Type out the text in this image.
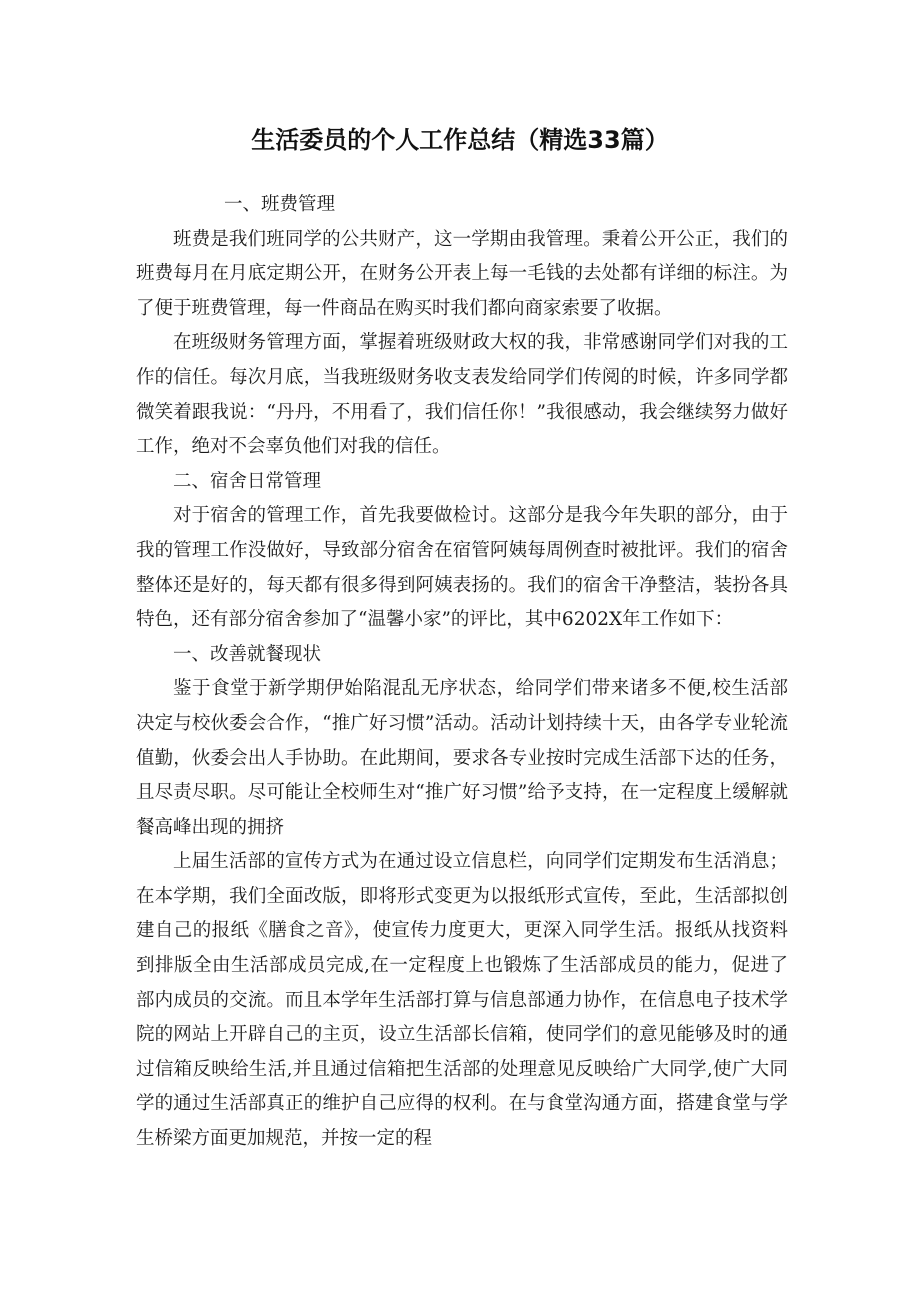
生活委员的个人工作总结（精选33篇）

一、班费管理

班费是我们班同学的公共财产，这一学期由我管理。秉着公开公正，我们的班费每月在月底定期公开，在财务公开表上每一毛钱的去处都有详细的标注。为了便于班费管理，每一件商品在购买时我们都向商家索要了收据。

在班级财务管理方面，掌握着班级财政大权的我，非常感谢同学们对我的工作的信任。每次月底，当我班级财务收支表发给同学们传阅的时候，许多同学都微笑着跟我说：“丹丹，不用看了，我们信任你！”我很感动，我会继续努力做好工作，绝对不会辜负他们对我的信任。

二、宿舍日常管理

对于宿舍的管理工作，首先我要做检讨。这部分是我今年失职的部分，由于我的管理工作没做好，导致部分宿舍在宿管阿姨每周例查时被批评。我们的宿舍整体还是好的，每天都有很多得到阿姨表扬的。我们的宿舍干净整洁，装扮各具特色，还有部分宿舍参加了“温馨小家”的评比，其中6202X年工作如下：

一、改善就餐现状

鉴于食堂于新学期伊始陷混乱无序状态，给同学们带来诸多不便,校生活部决定与校伙委会合作，“推广好习惯”活动。活动计划持续十天，由各学专业轮流值勤，伙委会出人手协助。在此期间，要求各专业按时完成生活部下达的任务，且尽责尽职。尽可能让全校师生对“推广好习惯”给予支持，在一定程度上缓解就餐高峰出现的拥挤

上届生活部的宣传方式为在通过设立信息栏，向同学们定期发布生活消息；在本学期，我们全面改版，即将形式变更为以报纸形式宣传，至此，生活部拟创建自己的报纸《膳食之音》，使宣传力度更大，更深入同学生活。报纸从找资料到排版全由生活部成员完成,在一定程度上也锻炼了生活部成员的能力，促进了部内成员的交流。而且本学年生活部打算与信息部通力协作，在信息电子技术学院的网站上开辟自己的主页，设立生活部长信箱，使同学们的意见能够及时的通过信箱反映给生活,并且通过信箱把生活部的处理意见反映给广大同学,使广大同学的通过生活部真正的维护自己应得的权利。在与食堂沟通方面，搭建食堂与学生桥梁方面更加规范，并按一定的程
